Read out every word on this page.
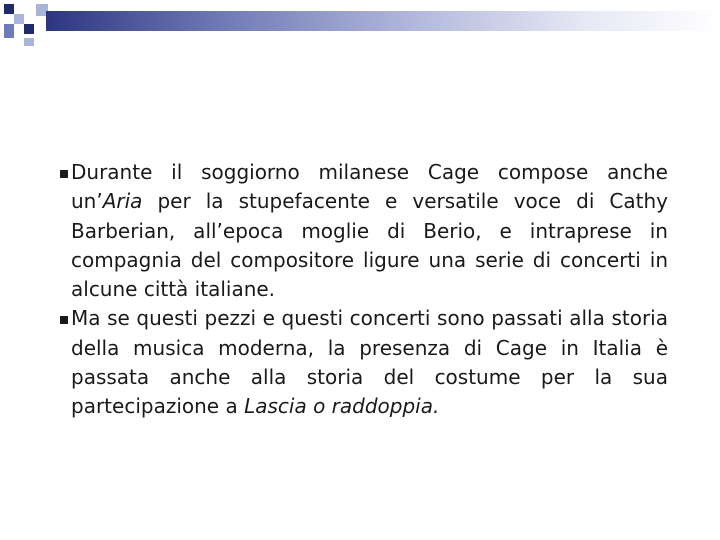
Durante il soggiorno milanese Cage compose anche un’Aria per la stupefacente e versatile voce di Cathy Barberian, all’epoca moglie di Berio, e intraprese in compagnia del compositore ligure una serie di concerti in alcune città italiane.

Ma se questi pezzi e questi concerti sono passati alla storia della musica moderna, la presenza di Cage in Italia è passata anche alla storia del costume per la sua partecipazione a Lascia o raddoppia.
